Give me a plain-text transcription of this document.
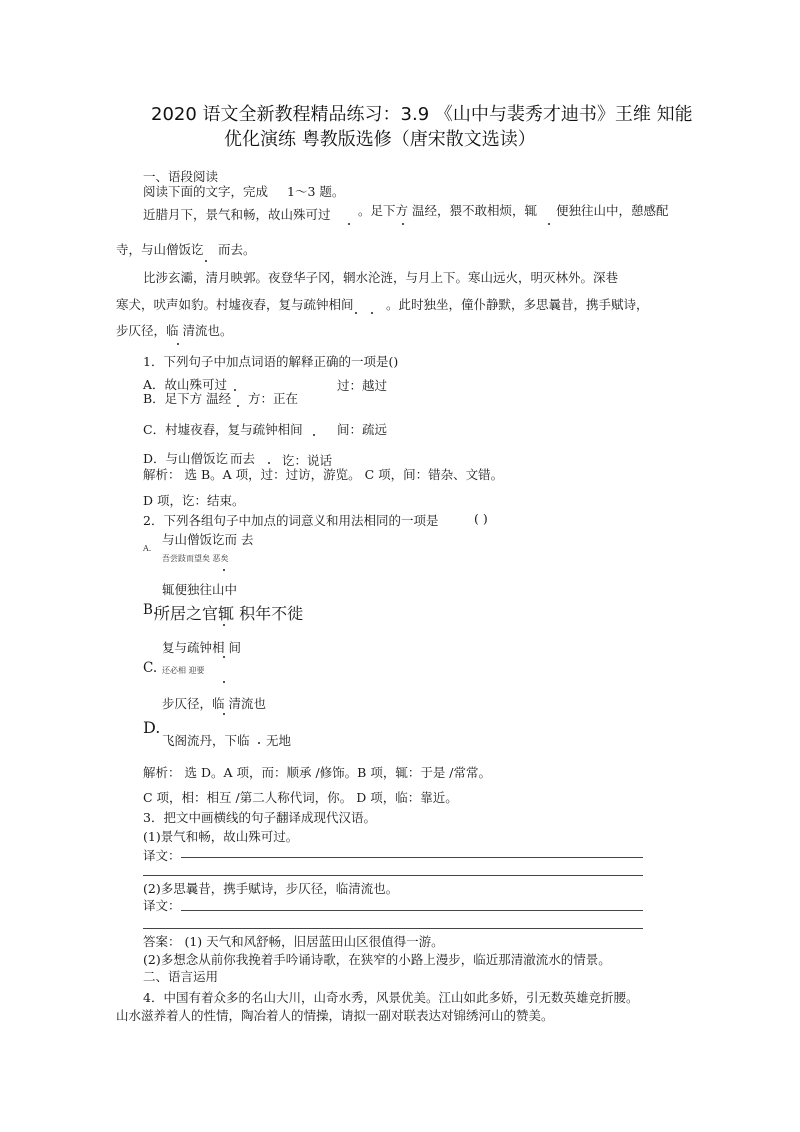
2020 语文全新教程精品练习：3.9 《山中与裴秀才迪书》王维 知能
优化演练 粤教版选修（唐宋散文选读）
一、语段阅读
阅读下面的文字，完成 1～3 题。
近腊月下，景气和畅，故山殊可过 。足下方 温经，猥不敢相烦，辄 便独往山中，憩感配
寺，与山僧饭讫 而去。
比涉玄灞，清月映郭。夜登华子冈，辋水沦涟，与月上下。寒山远火，明灭林外。深巷
寒犬，吠声如豹。村墟夜舂，复与疏钟相间	。此时独坐，僮仆静默，多思曩昔，携手赋诗，
步仄径，临 清流也。
1．下列句子中加点词语的解释正确的一项是()
A．故山殊可过	过：越过
B．足下方 温经 方：正在
C．村墟夜舂，复与疏钟相间	间：疏远
D．与山僧饭讫 而去 讫：说话
解析： 选 B。A 项，过：过访，游览。 C 项，间：错杂、文错。
D 项，讫：结束。
2．下列各组句子中加点的词意义和用法相同的一项是	( )
A.
与山僧饭讫而 去
吾尝跂而望矣 恶矣
辄便独往山中
B.
所居之官辄 积年不徙
复与疏钟相 间
C. 还必相 迎要
步仄径，临 清流也
D.
飞阁流丹，下临 无地
解析： 选 D。A 项，而：顺承 /修饰。B 项，辄：于是 /常常。
C 项，相：相互 /第二人称代词，你。 D 项，临：靠近。
3．把文中画横线的句子翻译成现代汉语。
(1)景气和畅，故山殊可过。
译文：
(2)多思曩昔，携手赋诗，步仄径，临清流也。
译文：
答案： (1) 天气和风舒畅，旧居蓝田山区很值得一游。
(2)多想念从前你我挽着手吟诵诗歌，在狭窄的小路上漫步，临近那清澈流水的情景。
二、语言运用
4．中国有着众多的名山大川，山奇水秀，风景优美。江山如此多娇，引无数英雄竞折腰。
山水滋养着人的性情，陶冶着人的情操，请拟一副对联表达对锦绣河山的赞美。
